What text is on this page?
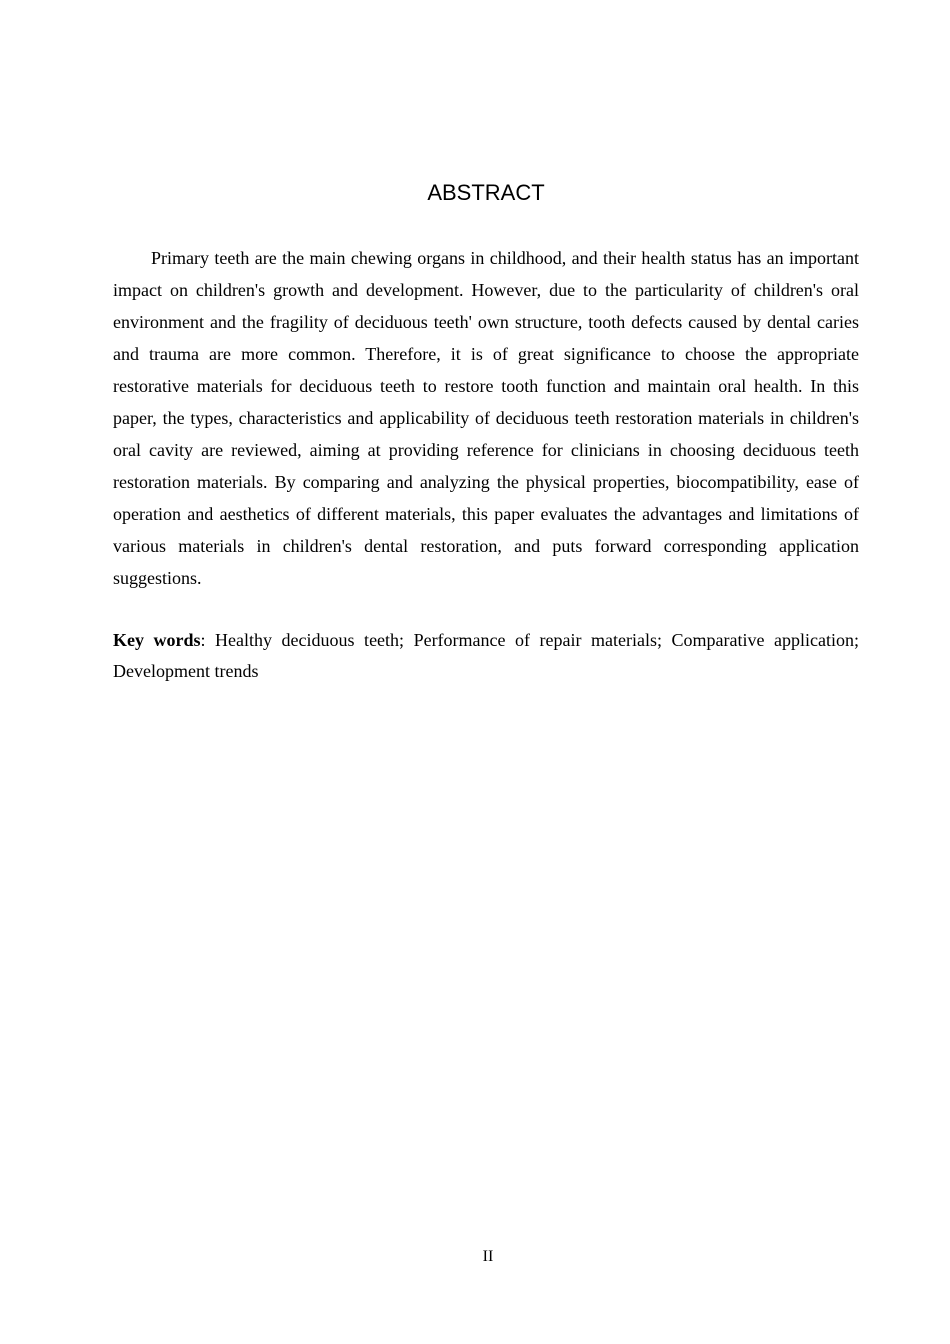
ABSTRACT

Primary teeth are the main chewing organs in childhood, and their health status has an important impact on children's growth and development. However, due to the particularity of children's oral environment and the fragility of deciduous teeth' own structure, tooth defects caused by dental caries and trauma are more common. Therefore, it is of great significance to choose the appropriate restorative materials for deciduous teeth to restore tooth function and maintain oral health. In this paper, the types, characteristics and applicability of deciduous teeth restoration materials in children's oral cavity are reviewed, aiming at providing reference for clinicians in choosing deciduous teeth restoration materials. By comparing and analyzing the physical properties, biocompatibility, ease of operation and aesthetics of different materials, this paper evaluates the advantages and limitations of various materials in children's dental restoration, and puts forward corresponding application suggestions.

Key words: Healthy deciduous teeth; Performance of repair materials; Comparative application; Development trends

II
